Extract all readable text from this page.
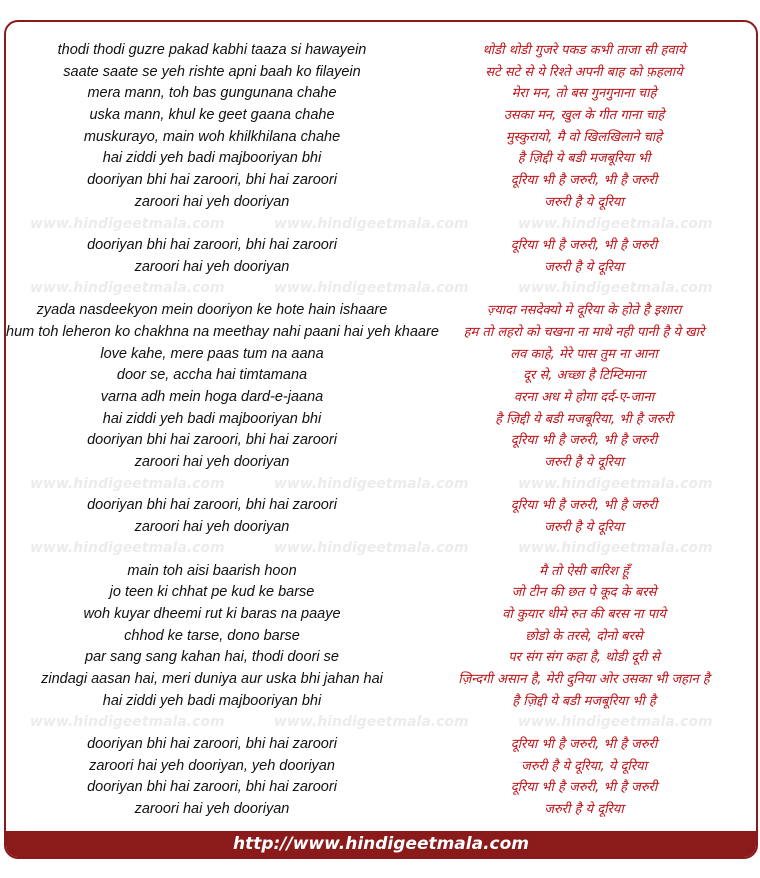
www.hindigeetmala.com	www.hindigeetmala.com	www.hindigeetmala.com
www.hindigeetmala.com	www.hindigeetmala.com	www.hindigeetmala.com
www.hindigeetmala.com	www.hindigeetmala.com	www.hindigeetmala.com
www.hindigeetmala.com	www.hindigeetmala.com	www.hindigeetmala.com
www.hindigeetmala.com	www.hindigeetmala.com	www.hindigeetmala.com
thodi thodi guzre pakad kabhi taaza si hawayein
saate saate se yeh rishte apni baah ko filayein
mera mann, toh bas gungunana chahe
uska mann, khul ke geet gaana chahe
muskurayo, main woh khilkhilana chahe
hai ziddi yeh badi majbooriyan bhi
dooriyan bhi hai zaroori, bhi hai zaroori
zaroori hai yeh dooriyan
dooriyan bhi hai zaroori, bhi hai zaroori
zaroori hai yeh dooriyan
zyada nasdeekyon mein dooriyon ke hote hain ishaare
hum toh leheron ko chakhna na meethay nahi paani hai yeh khaare
love kahe, mere paas tum na aana
door se, accha hai timtamana
varna adh mein hoga dard-e-jaana
hai ziddi yeh badi majbooriyan bhi
dooriyan bhi hai zaroori, bhi hai zaroori
zaroori hai yeh dooriyan
dooriyan bhi hai zaroori, bhi hai zaroori
zaroori hai yeh dooriyan
main toh aisi baarish hoon
jo teen ki chhat pe kud ke barse
woh kuyar dheemi rut ki baras na paaye
chhod ke tarse, dono barse
par sang sang kahan hai, thodi doori se
zindagi aasan hai, meri duniya aur uska bhi jahan hai
hai ziddi yeh badi majbooriyan bhi
dooriyan bhi hai zaroori, bhi hai zaroori
zaroori hai yeh dooriyan, yeh dooriyan
dooriyan bhi hai zaroori, bhi hai zaroori
zaroori hai yeh dooriyan
थोडी थोडी गुजरे पकड कभी ताजा सी हवाये
सटे सटे से ये रिश्ते अपनी बाह को फ़हलाये
मेरा मन, तो बस गुनगुनाना चाहे
उसका मन, खुल के गीत गाना चाहे
मुस्कुरायो, मै वो खिलखिलाने चाहे
है ज़िद्दी ये बडी मजबूरिया भी
दूरिया भी है जरुरी, भी है जरुरी
जरुरी है ये दूरिया
दूरिया भी है जरुरी, भी है जरुरी
जरुरी है ये दूरिया
ज़्यादा नसदेक्यो मे दूरिया के होते है इशारा
हम तो लहरो को चखना ना माथे नही पानी है ये खारे
लव काहे, मेरे पास तुम ना आना
दूर से, अच्छा है टिम्टिमाना
वरना अध मे होगा दर्द-ए-जाना
है ज़िद्दी ये बडी मजबूरिया, भी है जरुरी
दूरिया भी है जरुरी, भी है जरुरी
जरुरी है ये दूरिया
दूरिया भी है जरुरी, भी है जरुरी
जरुरी है ये दूरिया
मै तो ऐसी बारिश हूँ
जो टीन की छत पे कूद के बरसे
वो कुयार धीमे रुत की बरस ना पाये
छोडो के तरसे, दोनो बरसे
पर संग संग कहा है, थोडी दूरी से
ज़िन्दगी असान है, मेरी दुनिया ओर उसका भी जहान है
है ज़िद्दी ये बडी मजबूरिया भी है
दूरिया भी है जरुरी, भी है जरुरी
जरुरी है ये दूरिया, ये दूरिया
दूरिया भी है जरुरी, भी है जरुरी
जरुरी है ये दूरिया
http://www.hindigeetmala.com
